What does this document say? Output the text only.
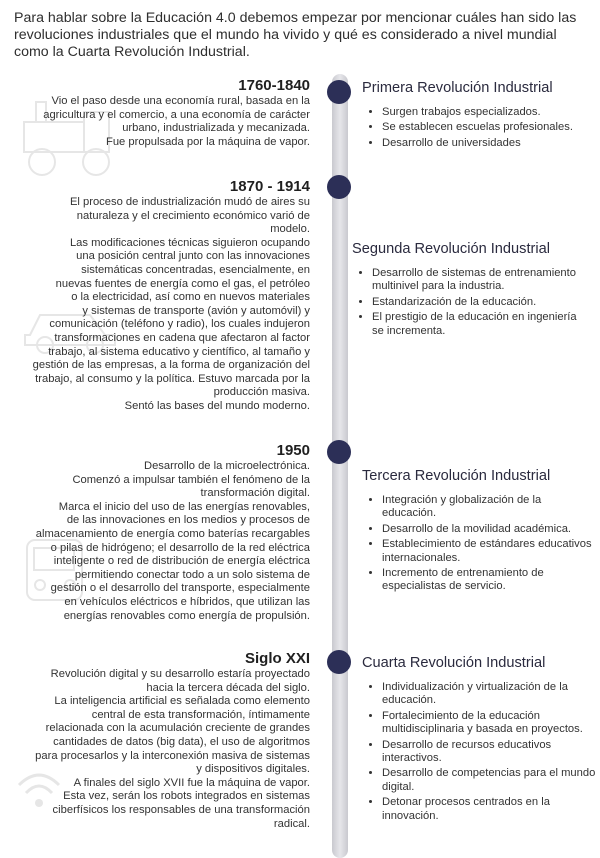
Para hablar sobre la Educación 4.0 debemos empezar por mencionar cuáles han sido las revoluciones industriales que el mundo ha vivido y qué es considerado a nivel mundial como la Cuarta Revolución Industrial.
1760-1840
Vio el paso desde una economía rural, basada en la
agricultura y el comercio, a una economía de carácter
urbano, industrializada y mecanizada.
Fue propulsada por la máquina de vapor.
1870 - 1914
El proceso de industrialización mudó de aires su
naturaleza y el crecimiento económico varió de
modelo.
Las modificaciones técnicas siguieron ocupando
una posición central junto con las innovaciones
sistemáticas concentradas, esencialmente, en
nuevas fuentes de energía como el gas, el petróleo
o la electricidad, así como en nuevos materiales
y sistemas de transporte (avión y automóvil) y
comunicación (teléfono y radio), los cuales indujeron
transformaciones en cadena que afectaron al factor
trabajo, al sistema educativo y científico, al tamaño y
gestión de las empresas, a la forma de organización del
trabajo, al consumo y la política. Estuvo marcada por la
producción masiva.
Sentó las bases del mundo moderno.
1950
Desarrollo de la microelectrónica.
Comenzó a impulsar también el fenómeno de la
transformación digital.
Marca el inicio del uso de las energías renovables,
de las innovaciones en los medios y procesos de
almacenamiento de energía como baterías recargables
o pilas de hidrógeno; el desarrollo de la red eléctrica
inteligente o red de distribución de energía eléctrica
permitiendo conectar todo a un solo sistema de
gestión o el desarrollo del transporte, especialmente
en vehículos eléctricos e híbridos, que utilizan las
energías renovables como energía de propulsión.
Siglo XXI
Revolución digital y su desarrollo estaría proyectado
hacia la tercera década del siglo.
La inteligencia artificial es señalada como elemento
central de esta transformación, íntimamente
relacionada con la acumulación creciente de grandes
cantidades de datos (big data), el uso de algoritmos
para procesarlos y la interconexión masiva de sistemas
y dispositivos digitales.
A finales del siglo XVII fue la máquina de vapor.
Esta vez, serán los robots integrados en sistemas
ciberfísicos los responsables de una transformación
radical.
Primera Revolución Industrial
• Surgen trabajos especializados.
• Se establecen escuelas profesionales.
• Desarrollo de universidades
Segunda Revolución Industrial
• Desarrollo de sistemas de entrenamiento multinivel para la industria.
• Estandarización de la educación.
• El prestigio de la educación en ingeniería se incrementa.
Tercera Revolución Industrial
• Integración y globalización de la educación.
• Desarrollo de la movilidad académica.
• Establecimiento de estándares educativos internacionales.
• Incremento de entrenamiento de especialistas de servicio.
Cuarta Revolución Industrial
• Individualización y virtualización de la educación.
• Fortalecimiento de la educación multidisciplinaria y basada en proyectos.
• Desarrollo de recursos educativos interactivos.
• Desarrollo de competencias para el mundo digital.
• Detonar procesos centrados en la innovación.
